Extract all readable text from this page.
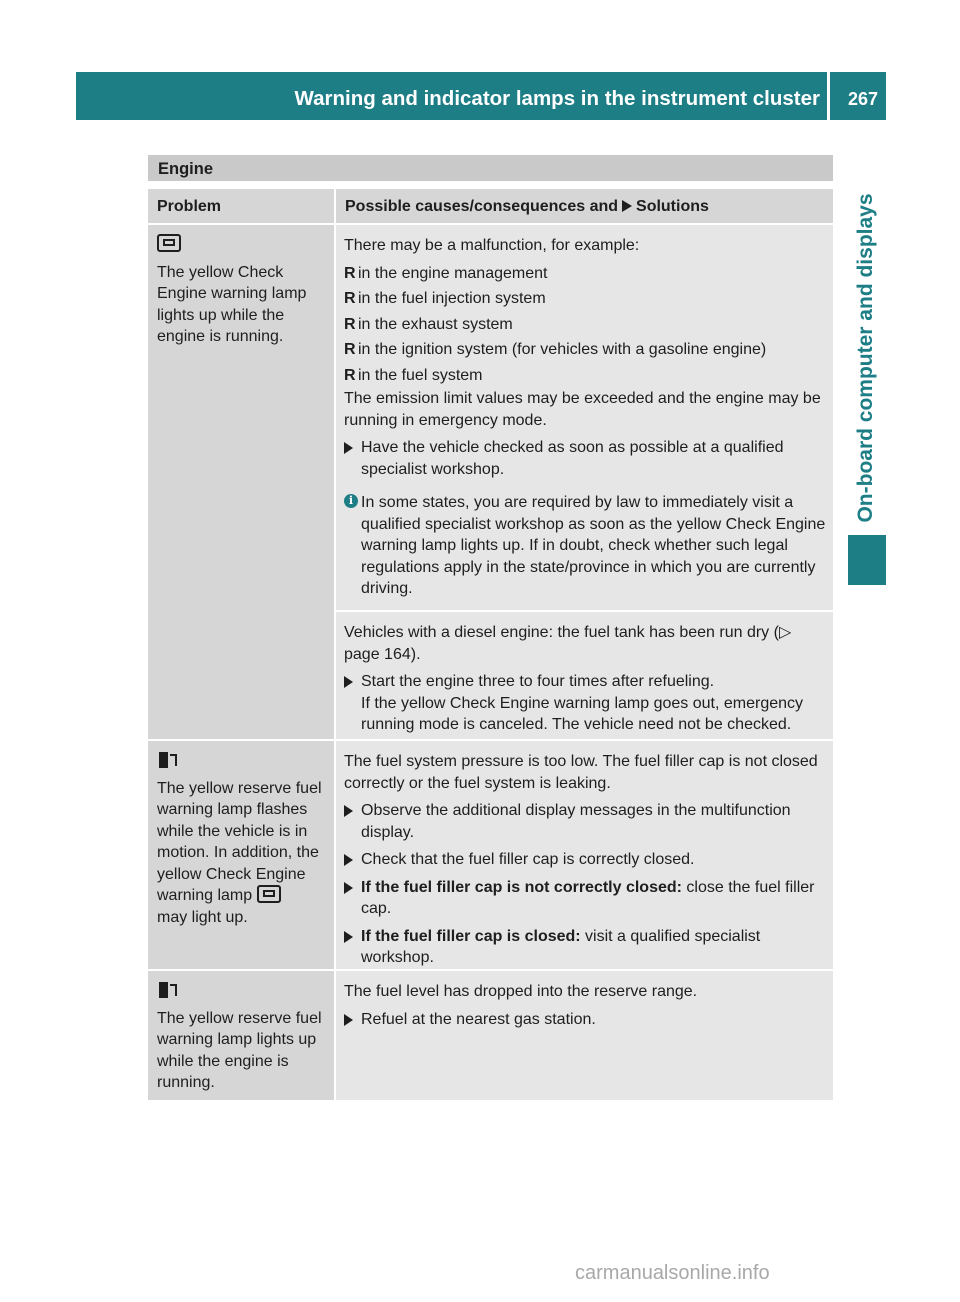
Warning and indicator lamps in the instrument cluster 267
On-board computer and displays
Engine
Problem	Possible causes/consequences and Solutions
The yellow Check Engine warning lamp lights up while the engine is running.
There may be a malfunction, for example:
R in the engine management
R in the fuel injection system
R in the exhaust system
R in the ignition system (for vehicles with a gasoline engine)
R in the fuel system
The emission limit values may be exceeded and the engine may be running in emergency mode.
Have the vehicle checked as soon as possible at a qualified specialist workshop.
i In some states, you are required by law to immediately visit a qualified specialist workshop as soon as the yellow Check Engine warning lamp lights up. If in doubt, check whether such legal regulations apply in the state/province in which you are currently driving.
Vehicles with a diesel engine: the fuel tank has been run dry (▷ page 164).
Start the engine three to four times after refueling.
If the yellow Check Engine warning lamp goes out, emergency running mode is canceled. The vehicle need not be checked.
The yellow reserve fuel warning lamp flashes while the vehicle is in motion. In addition, the yellow Check Engine warning lamp
may light up.
The fuel system pressure is too low. The fuel filler cap is not closed correctly or the fuel system is leaking.
Observe the additional display messages in the multifunction display.
Check that the fuel filler cap is correctly closed.
If the fuel filler cap is not correctly closed: close the fuel filler cap.
If the fuel filler cap is closed: visit a qualified specialist workshop.
The yellow reserve fuel warning lamp lights up while the engine is running.
The fuel level has dropped into the reserve range.
Refuel at the nearest gas station.
carmanualsonline.info
